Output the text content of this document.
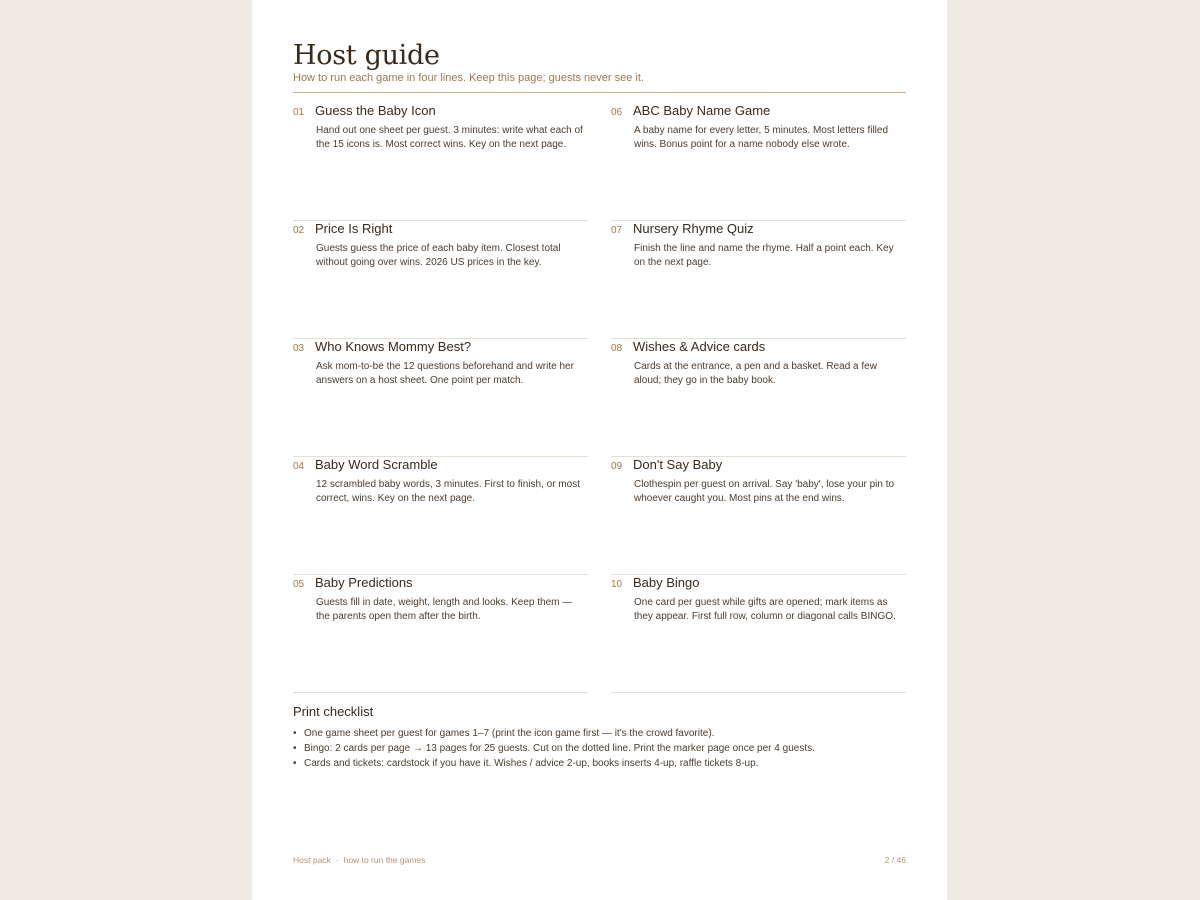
Host guide
How to run each game in four lines. Keep this page; guests never see it.
01 Guess the Baby Icon
Hand out one sheet per guest. 3 minutes: write what each of the 15 icons is. Most correct wins. Key on the next page.
06 ABC Baby Name Game
A baby name for every letter, 5 minutes. Most letters filled wins. Bonus point for a name nobody else wrote.
02 Price Is Right
Guests guess the price of each baby item. Closest total without going over wins. 2026 US prices in the key.
07 Nursery Rhyme Quiz
Finish the line and name the rhyme. Half a point each. Key on the next page.
03 Who Knows Mommy Best?
Ask mom-to-be the 12 questions beforehand and write her answers on a host sheet. One point per match.
08 Wishes & Advice cards
Cards at the entrance, a pen and a basket. Read a few aloud; they go in the baby book.
04 Baby Word Scramble
12 scrambled baby words, 3 minutes. First to finish, or most correct, wins. Key on the next page.
09 Don't Say Baby
Clothespin per guest on arrival. Say 'baby', lose your pin to whoever caught you. Most pins at the end wins.
05 Baby Predictions
Guests fill in date, weight, length and looks. Keep them — the parents open them after the birth.
10 Baby Bingo
One card per guest while gifts are opened; mark items as they appear. First full row, column or diagonal calls BINGO.
Print checklist
• One game sheet per guest for games 1–7 (print the icon game first — it's the crowd favorite).
• Bingo: 2 cards per page → 13 pages for 25 guests. Cut on the dotted line. Print the marker page once per 4 guests.
• Cards and tickets: cardstock if you have it. Wishes / advice 2-up, books inserts 4-up, raffle tickets 8-up.
Host pack · how to run the games	2 / 46
